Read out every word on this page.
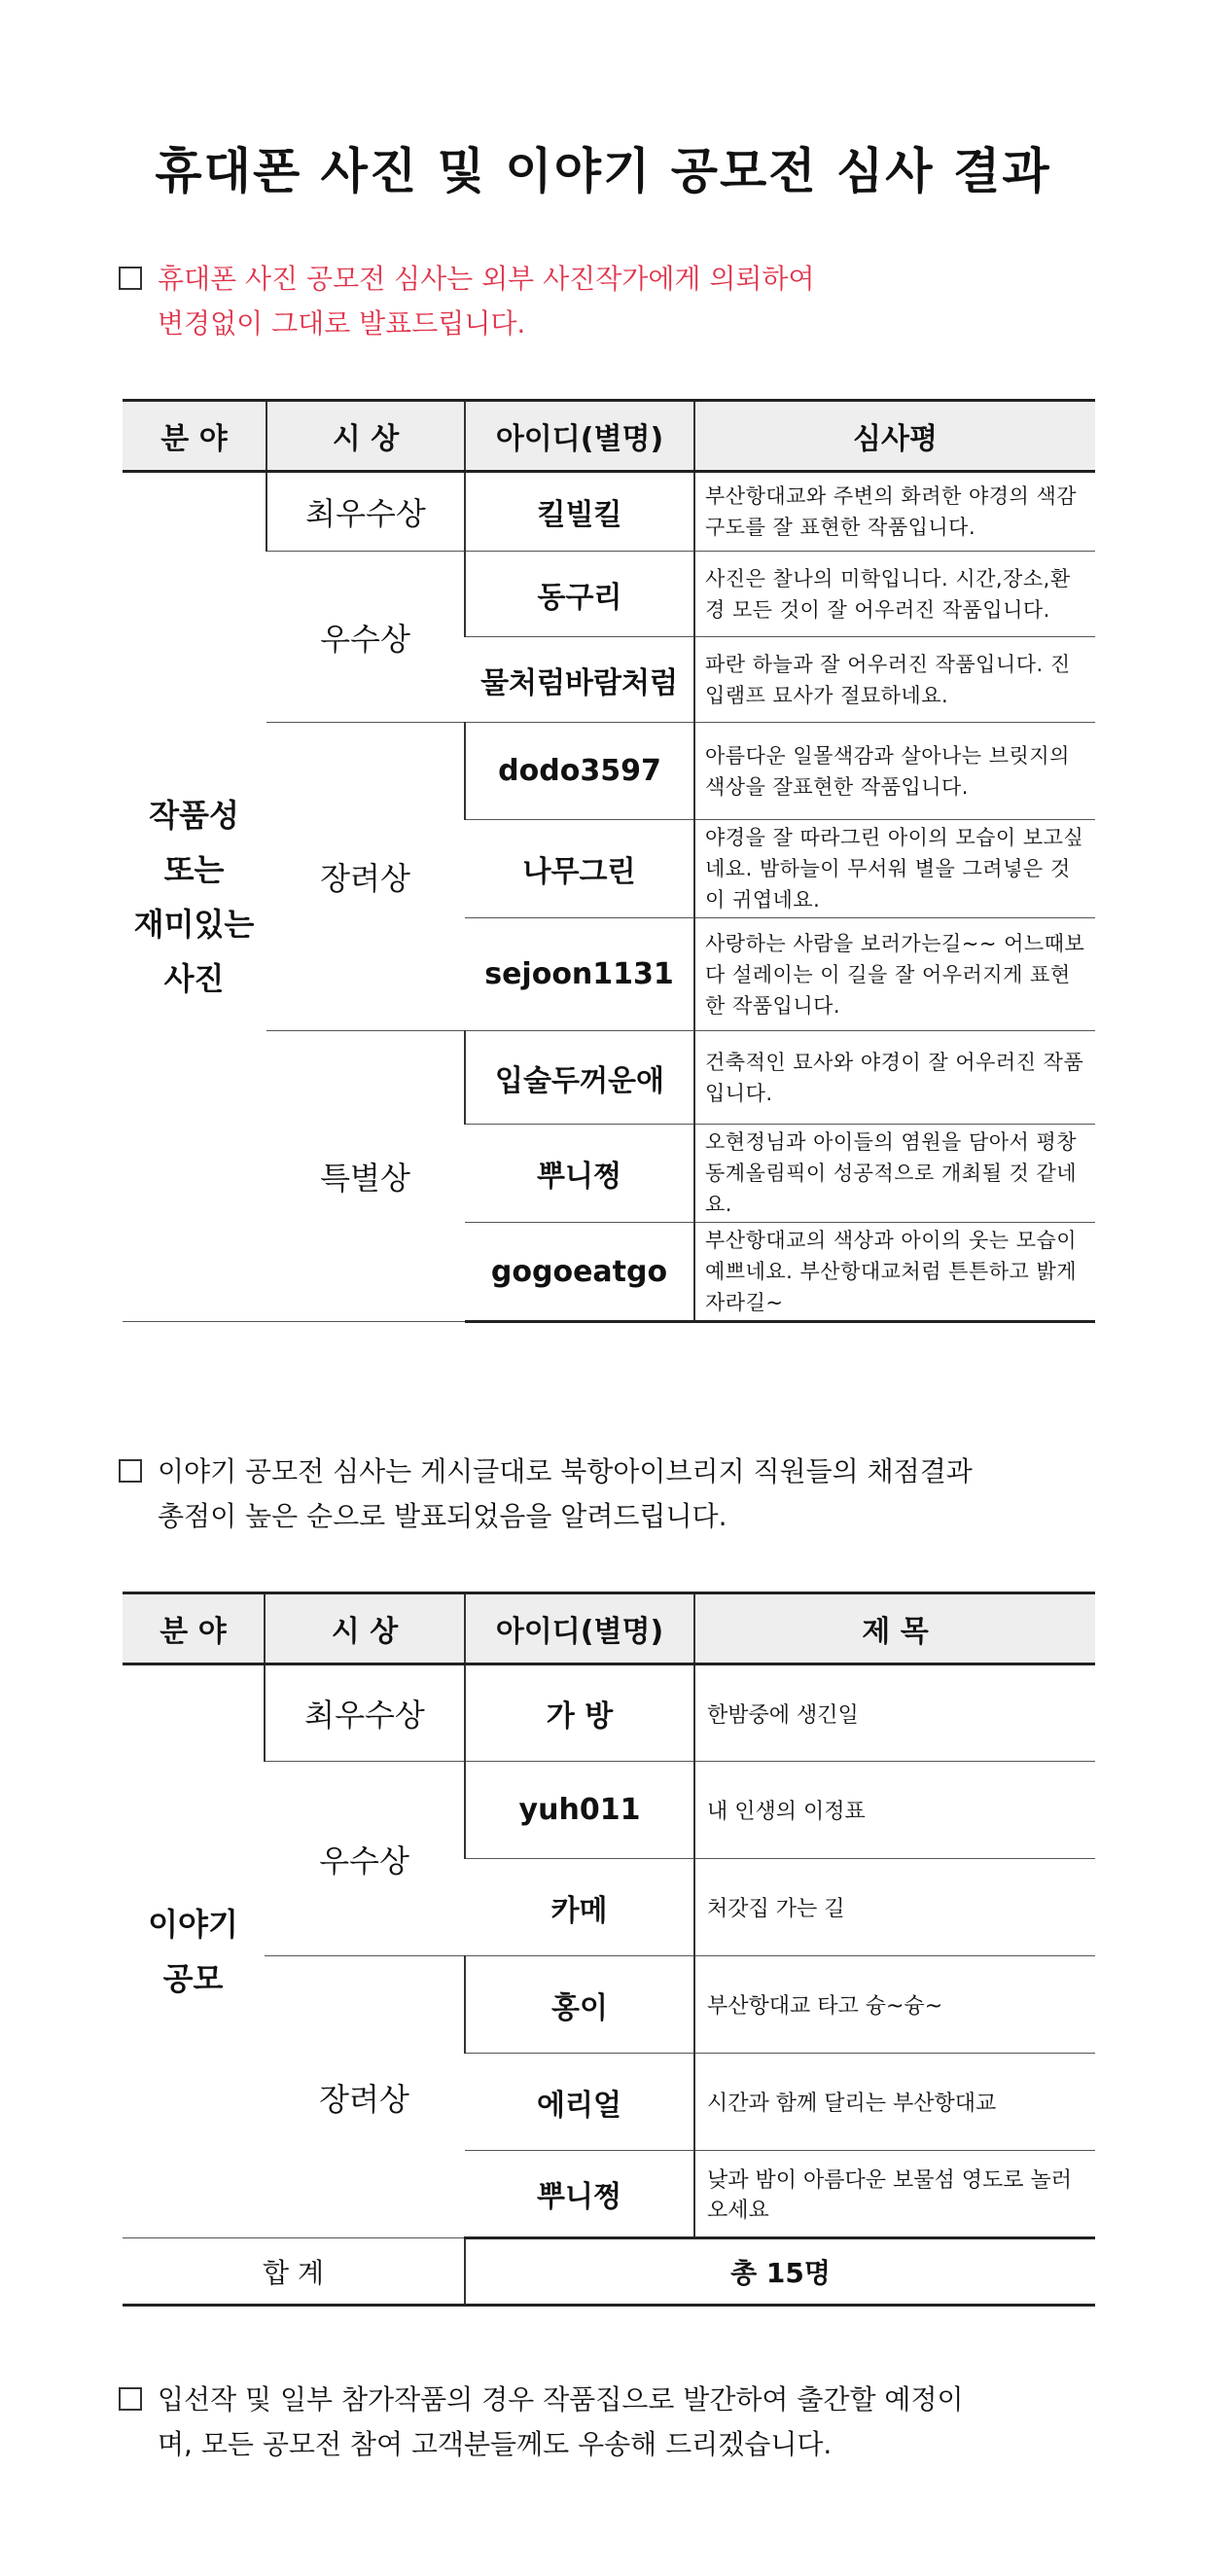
휴대폰 사진 및 이야기 공모전 심사 결과
휴대폰 사진 공모전 심사는 외부 사진작가에게 의뢰하여
변경없이 그대로 발표드립니다.
분 야	시 상	아이디(별명)	심사평

작품성
또는
재미있는
사진	최우수상	킬빌킬	부산항대교와 주변의 화려한 야경의 색감 구도를 잘 표현한 작품입니다.
	우수상	동구리	사진은 찰나의 미학입니다. 시간,장소,환경 모든 것이 잘 어우러진 작품입니다.
		물처럼바람처럼	파란 하늘과 잘 어우러진 작품입니다. 진입램프 묘사가 절묘하네요.
	장려상	dodo3597	아름다운 일몰색감과 살아나는 브릿지의 색상을 잘표현한 작품입니다.
		나무그린	야경을 잘 따라그린 아이의 모습이 보고싶네요. 밤하늘이 무서워 별을 그려넣은 것이 귀엽네요.
		sejoon1131	사랑하는 사람을 보러가는길~~ 어느때보다 설레이는 이 길을 잘 어우러지게 표현한 작품입니다.
	특별상	입술두꺼운애	건축적인 묘사와 야경이 잘 어우러진 작품입니다.
		뿌니쩡	오현정님과 아이들의 염원을 담아서 평창 동계올림픽이 성공적으로 개최될 것 같네요.
		gogoeatgo	부산항대교의 색상과 아이의 웃는 모습이 예쁘네요. 부산항대교처럼 튼튼하고 밝게 자라길~
이야기 공모전 심사는 게시글대로 북항아이브리지 직원들의 채점결과
총점이 높은 순으로 발표되었음을 알려드립니다.
분 야	시 상	아이디(별명)	제 목

이야기
공모	최우수상	가 방	한밤중에 생긴일
	우수상	yuh011	내 인생의 이정표
		카메	처갓집 가는 길
	장려상	홍이	부산항대교 타고 슝~슝~
		에리얼	시간과 함께 달리는 부산항대교
		뿌니쩡	낮과 밤이 아름다운 보물섬 영도로 놀러오세요
합 계		총 15명	
입선작 및 일부 참가작품의 경우 작품집으로 발간하여 출간할 예정이
며, 모든 공모전 참여 고객분들께도 우송해 드리겠습니다.
